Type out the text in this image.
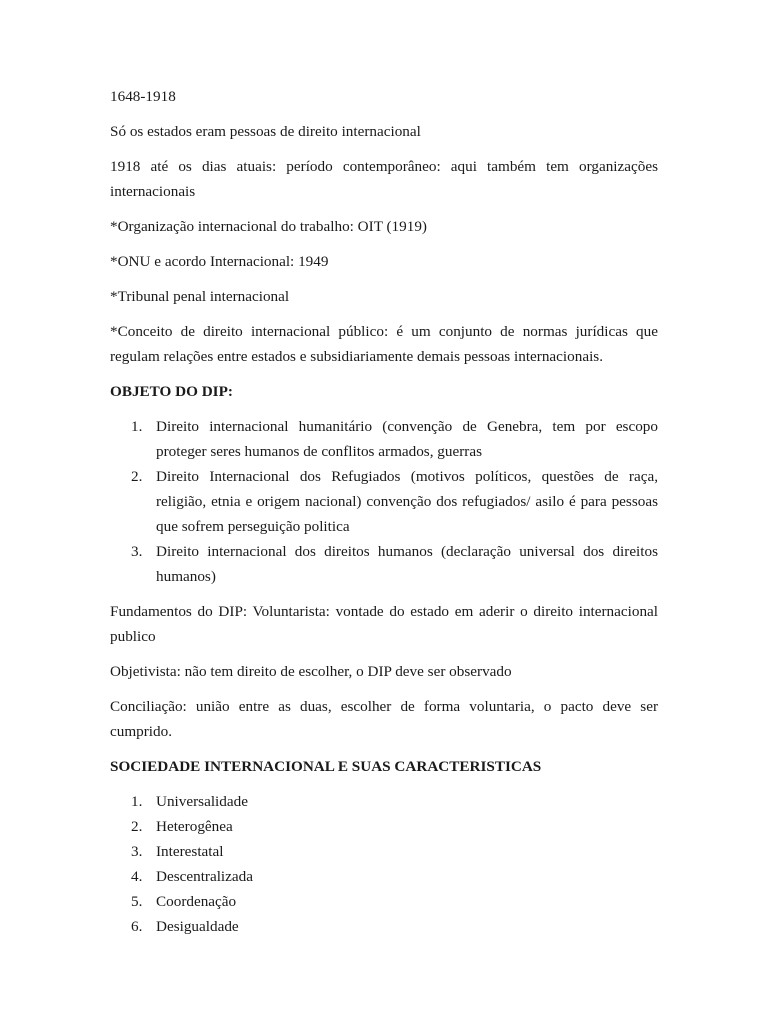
1648-1918

Só os estados eram pessoas de direito internacional

1918 até os dias atuais: período contemporâneo: aqui também tem organizações internacionais

*Organização internacional do trabalho: OIT (1919)

*ONU e acordo Internacional: 1949

*Tribunal penal internacional

*Conceito de direito internacional público: é um conjunto de normas jurídicas que regulam relações entre estados e subsidiariamente demais pessoas internacionais.

OBJETO DO DIP:
1. Direito internacional humanitário (convenção de Genebra, tem por escopo proteger seres humanos de conflitos armados, guerras
2. Direito Internacional dos Refugiados (motivos políticos, questões de raça, religião, etnia e origem nacional) convenção dos refugiados/ asilo é para pessoas que sofrem perseguição politica
3. Direito internacional dos direitos humanos (declaração universal dos direitos humanos)

Fundamentos do DIP: Voluntarista: vontade do estado em aderir o direito internacional publico

Objetivista: não tem direito de escolher, o DIP deve ser observado

Conciliação: união entre as duas, escolher de forma voluntaria, o pacto deve ser cumprido.

SOCIEDADE INTERNACIONAL E SUAS CARACTERISTICAS
1. Universalidade
2. Heterogênea
3. Interestatal
4. Descentralizada
5. Coordenação
6. Desigualdade
